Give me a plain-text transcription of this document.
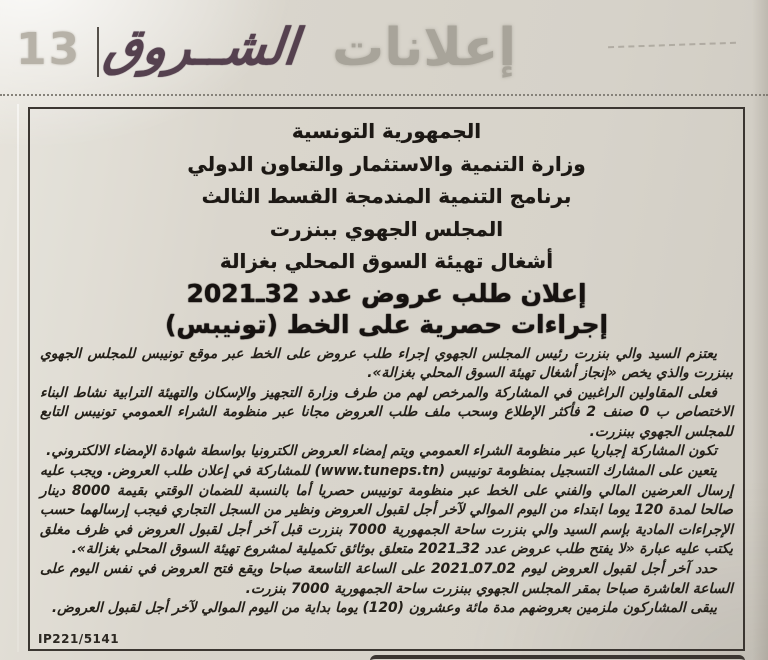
13 الشــروق إعلانات
الجمهورية التونسية
وزارة التنمية والاستثمار والتعاون الدولي
برنامج التنمية المندمجة القسط الثالث
المجلس الجهوي ببنزرت
أشغال تهيئة السوق المحلي بغزالة
إعلان طلب عروض عدد 32ـ2021
إجراءات حصرية على الخط (تونيبس)

يعتزم السيد والي بنزرت رئيس المجلس الجهوي إجراء طلب عروض على الخط عبر موقع تونيبس للمجلس الجهوي ببنزرت والذي يخص «إنجاز أشغال تهيئة السوق المحلي بغزالة».

فعلى المقاولين الراغبين في المشاركة والمرخص لهم من طرف وزارة التجهيز والإسكان والتهيئة الترابية نشاط البناء الاختصاص ب 0 صنف 2 فأكثر الإطلاع وسحب ملف طلب العروض مجانا عبر منظومة الشراء العمومي تونيبس التابع للمجلس الجهوي ببنزرت.

تكون المشاركة إجباريا عبر منظومة الشراء العمومي ويتم إمضاء العروض الكترونيا بواسطة شهادة الإمضاء الالكتروني.

يتعين على المشارك التسجيل بمنظومة تونيبس (www.tuneps.tn) للمشاركة في إعلان طلب العروض. ويجب عليه إرسال العرضين المالي والفني على الخط عبر منظومة تونيبس حصريا أما بالنسبة للضمان الوقتي بقيمة 8000 دينار صالحا لمدة 120 يوما ابتداء من اليوم الموالي لآخر أجل لقبول العروض ونظير من السجل التجاري فيجب إرسالهما حسب الإجراءات المادية بإسم السيد والي بنزرت ساحة الجمهورية 7000 بنزرت قبل آخر أجل لقبول العروض في ظرف مغلق يكتب عليه عبارة «لا يفتح طلب عروض عدد 32ـ2021 متعلق بوثائق تكميلية لمشروع تهيئة السوق المحلي بغزالة».

حدد آخر أجل لقبول العروض ليوم 02ـ07ـ2021 على الساعة التاسعة صباحا ويقع فتح العروض في نفس اليوم على الساعة العاشرة صباحا بمقر المجلس الجهوي ببنزرت ساحة الجمهورية 7000 بنزرت.

يبقى المشاركون ملزمين بعروضهم مدة مائة وعشرون (120) يوما بداية من اليوم الموالي لآخر أجل لقبول العروض.

IP221/5141
